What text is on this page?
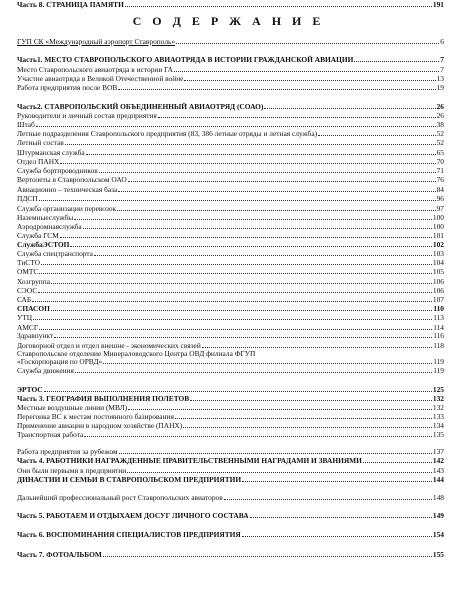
С О Д Е Р Ж А Н И Е
ГУП СК «Международный аэропорт Ставрополь»	6
Часть1. МЕСТО СТАВРОПОЛЬСКОГО АВИАОТРЯДА В ИСТОРИИ ГРАЖДАНСКОЙ АВИАЦИИ	7
Место Ставропольского авиаотряда в истории ГА	7
Участие авиаотряда в Великой Отечественной войне	13
Работа предприятия после ВОВ	19
Часть2. СТАВРОПОЛЬСКИЙ ОБЪЕДИНЕННЫЙ АВИАОТРЯД (СОАО)	26
Руководители и личный состав предприятия	26
Штаб	38
Летные подразделения Ставропольского предприятия (83, 386 летные отряды и летная служба)	52
Летный состав	52
Штурманская служба	65
Отдел ПАНХ	70
Служба бортпроводников	71
Вертолеты в Ставропольском ОАО	76
Авиационно – техническая база	84
ПДСП	96
Служба организации перевозок	97
Наземныеслужбы	100
Аэродромнаяслужба	100
Служба ГСМ	101
СлужбаЭСТОП	102
Служба спецтранспорта	103
ТиСТО	104
ОМТС	105
Хозгруппа	106
СЭОС	106
САБ	107
СПАСОП	110
УТЦ	113
АМСГ	114
Здравпункт	116
Договорной отдел и отдел внешне - экономических связей	118
Ставропольское отделение Минераловодского Центра ОВД филиала ФГУП
«Госкорпорация по ОРВД»	119
Служба движения	119
ЭРТОС	125
Часть 3. ГЕОГРАФИЯ ВЫПОЛНЕНИЯ ПОЛЕТОВ	132
Местные воздушные линии (МВЛ)	132
Перегонка ВС к местам постоянного базирования	133
Применение авиации в народном хозяйстве (ПАНХ)	134
Транспортная работа	135
Работа предприятия за рубежом	137
Часть 4. РАБОТНИКИ НАГРАЖДЕННЫЕ ПРАВИТЕЛЬСТВЕННЫМИ НАГРАДАМИ И ЗВАНИЯМИ	142
Они были первыми в предприятии	143
ДИНАСТИИ И СЕМЬИ В СТАВРОПОЛЬСКОМ ПРЕДПРИЯТИИ	144
Дальнейший профессиональный рост Ставропольских авиаторов	148
Часть 5. РАБОТАЕМ И ОТДЫХАЕМ ДОСУГ ЛИЧНОГО СОСТАВА	149
Часть 6. ВОСПОМИНАНИЯ СПЕЦИАЛИСТОВ ПРЕДПРИЯТИЯ	154
Часть 7. ФОТОАЛЬБОМ	155
Часть 8. СТРАНИЦА ПАМЯТИ	191
